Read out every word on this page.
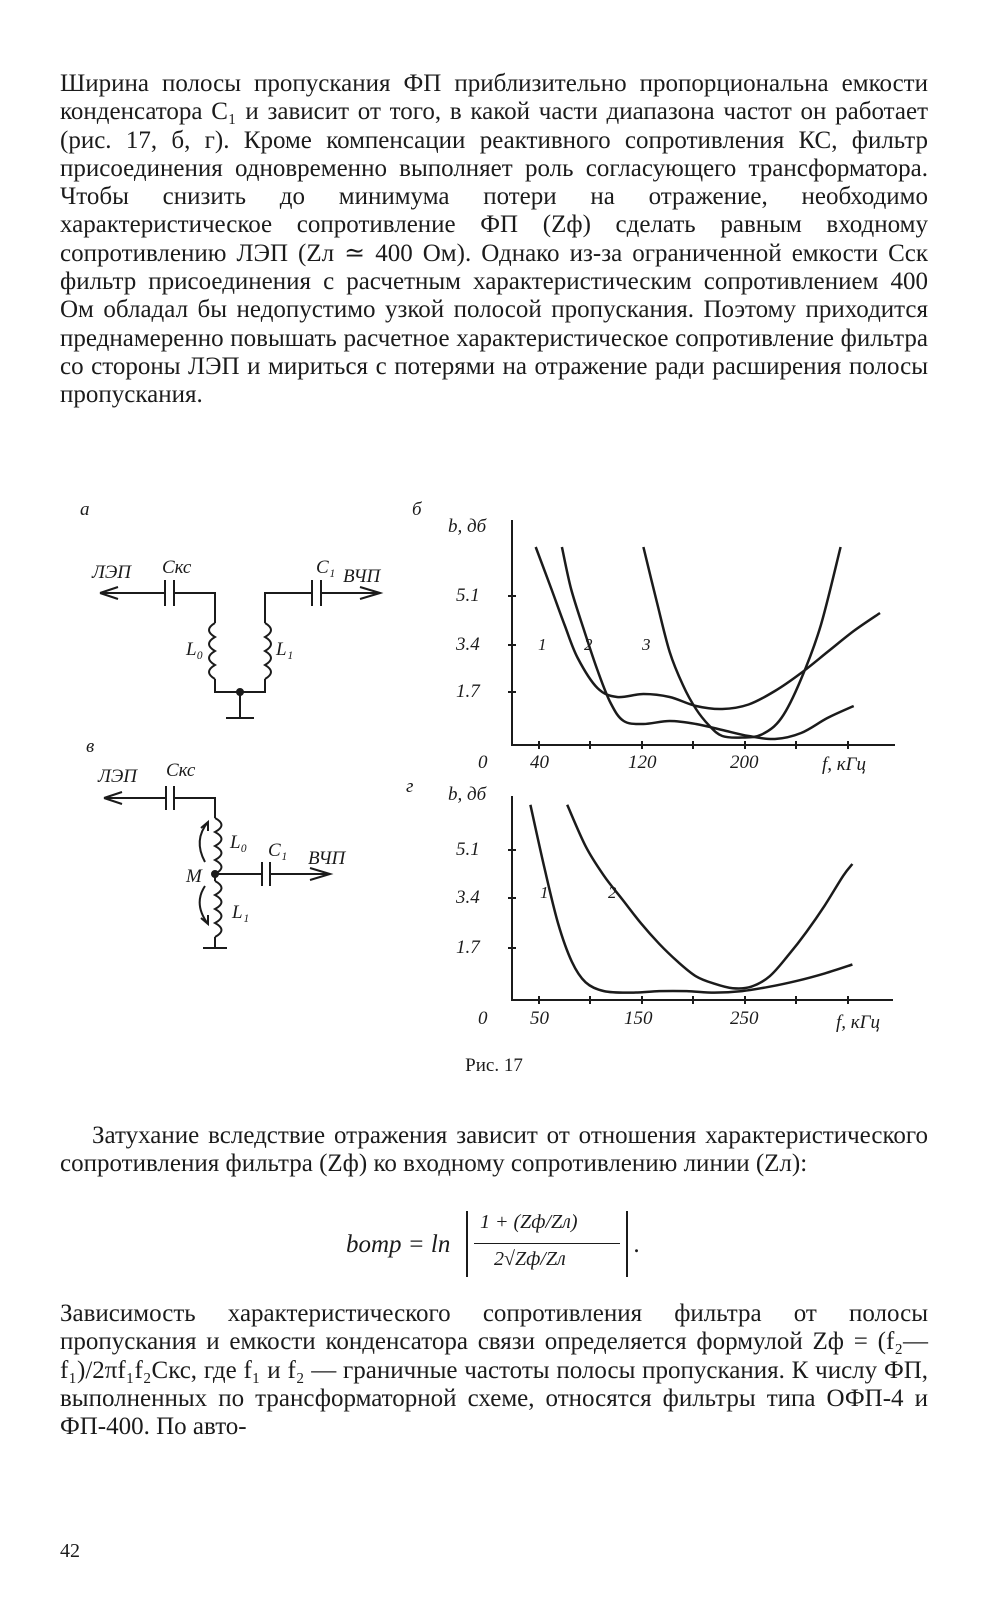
Ширина полосы пропускания ФП приблизительно пропорциональна емкости конденсатора C₁ и зависит от того, в какой части диапазона частот он работает (рис. 17, б, г). Кроме компенсации реактивного сопротивления КС, фильтр присоединения одновременно выполняет роль согласующего трансформатора. Чтобы снизить до минимума потери на отражение, необходимо характеристическое сопротивление ФП (Zф) сделать равным входному сопротивлению ЛЭП (Zл ≃ 400 Ом). Однако из-за ограниченной емкости Cск фильтр присоединения с расчетным характеристическим сопротивлением 400 Ом обладал бы недопустимо узкой полосой пропускания. Поэтому приходится преднамеренно повышать расчетное характеристическое сопротивление фильтра со стороны ЛЭП и мириться с потерями на отражение ради расширения полосы пропускания.

а
ЛЭП Cкс	C₁ ВЧП
L₀	L₁
в
ЛЭП Cкс
L₀ C₁ ВЧП
M
L₁
б
b, дб
5.1
3.4
1.7
0 40	120	200	f, кГц
1 2	3
г b, дб
5.1
3.4
1.7
0 50	150	250	f, кГц
1	2
Рис. 17

Затухание вследствие отражения зависит от отношения характеристического сопротивления фильтра (Zф) ко входному сопротивлению линии (Zл):

bотр = ln
1 + (Zф/Zл)
2√Zф/Zл
.

Зависимость характеристического сопротивления фильтра от полосы пропускания и емкости конденсатора связи определяется формулой Zф = (f₂—f₁)/2πf₁f₂Cкс, где f₁ и f₂ — граничные частоты полосы пропускания. К числу ФП, выполненных по трансформаторной схеме, относятся фильтры типа ОФП-4 и ФП-400. По авто-

42
